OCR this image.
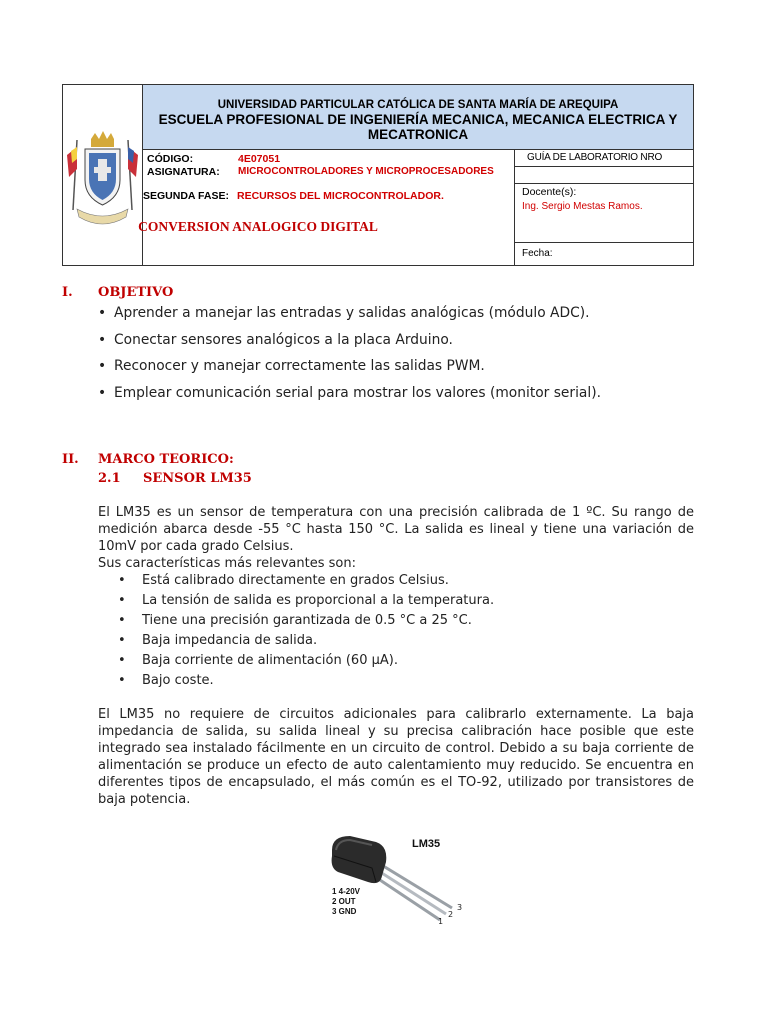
UNIVERSIDAD PARTICULAR CATÓLICA DE SANTA MARÍA DE AREQUIPA
ESCUELA PROFESIONAL DE INGENIERÍA MECANICA, MECANICA ELECTRICA Y
MECATRONICA
CÓDIGO:	4E07051
ASIGNATURA: MICROCONTROLADORES Y MICROPROCESADORES
SEGUNDA FASE: RECURSOS DEL MICROCONTROLADOR.
GUÍA DE LABORATORIO NRO
Docente(s):
Ing. Sergio Mestas Ramos.
Fecha:
CONVERSION ANALOGICO DIGITAL
I. OBJETIVO
• Aprender a manejar las entradas y salidas analógicas (módulo ADC).
• Conectar sensores analógicos a la placa Arduino.
• Reconocer y manejar correctamente las salidas PWM.
• Emplear comunicación serial para mostrar los valores (monitor serial).
II. MARCO TEORICO:
2.1 SENSOR LM35
El LM35 es un sensor de temperatura con una precisión calibrada de 1 ºC. Su rango de medición abarca desde -55 °C hasta 150 °C. La salida es lineal y tiene una variación de 10mV por cada grado Celsius.
Sus características más relevantes son:
• Está calibrado directamente en grados Celsius.
• La tensión de salida es proporcional a la temperatura.
• Tiene una precisión garantizada de 0.5 °C a 25 °C.
• Baja impedancia de salida.
• Baja corriente de alimentación (60 µA).
• Bajo coste.
El LM35 no requiere de circuitos adicionales para calibrarlo externamente. La baja impedancia de salida, su salida lineal y su precisa calibración hace posible que este integrado sea instalado fácilmente en un circuito de control. Debido a su baja corriente de alimentación se produce un efecto de auto calentamiento muy reducido. Se encuentra en diferentes tipos de encapsulado, el más común es el TO-92, utilizado por transistores de baja potencia.
LM35
1 4-20V
2 OUT
3 GND
1
2
3
